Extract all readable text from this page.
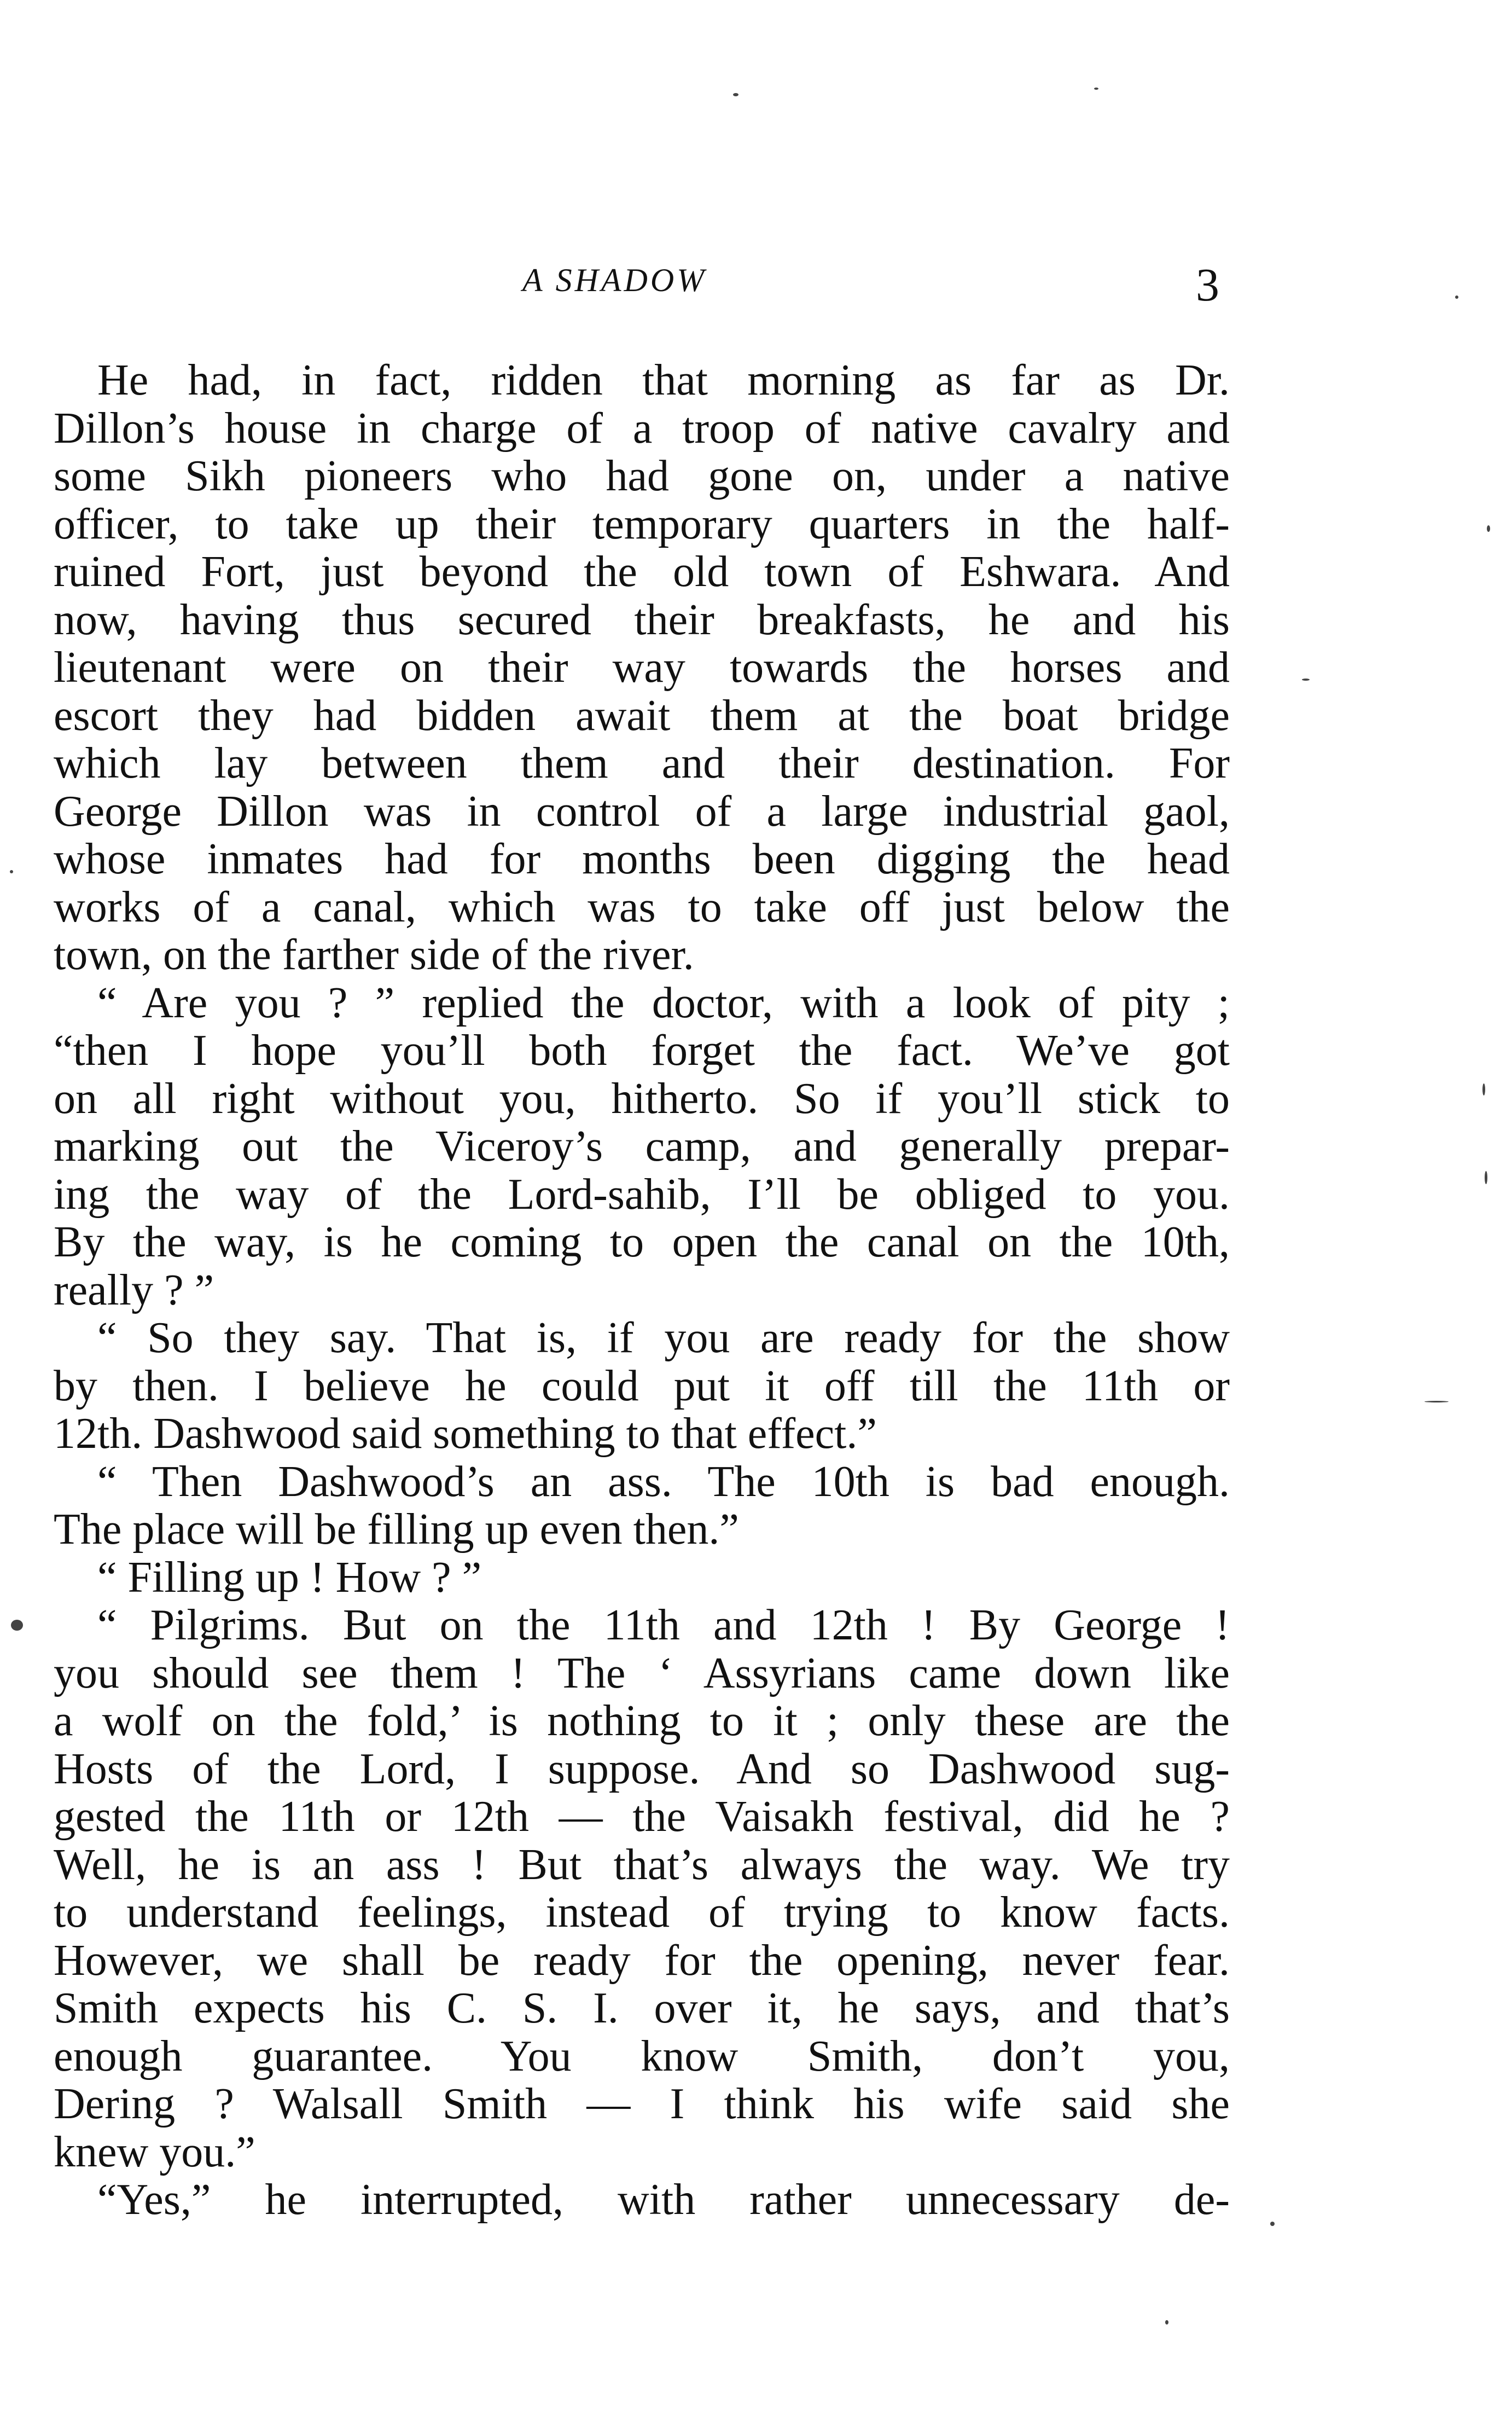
A SHADOW	3
He had, in fact, ridden that morning as far as Dr.
Dillon’s house in charge of a troop of native cavalry and
some Sikh pioneers who had gone on, under a native
officer, to take up their temporary quarters in the half-
ruined Fort, just beyond the old town of Eshwara. And
now, having thus secured their breakfasts, he and his
lieutenant were on their way towards the horses and
escort they had bidden await them at the boat bridge
which lay between them and their destination. For
George Dillon was in control of a large industrial gaol,
whose inmates had for months been digging the head
works of a canal, which was to take off just below the
town, on the farther side of the river.
“ Are you ? ” replied the doctor, with a look of pity ;
“then I hope you’ll both forget the fact. We’ve got
on all right without you, hitherto. So if you’ll stick to
marking out the Viceroy’s camp, and generally prepar-
ing the way of the Lord-sahib, I’ll be obliged to you.
By the way, is he coming to open the canal on the 10th,
really ? ”
“ So they say. That is, if you are ready for the show
by then. I believe he could put it off till the 11th or
12th. Dashwood said something to that effect.”
“ Then Dashwood’s an ass. The 10th is bad enough.
The place will be filling up even then.”
“ Filling up ! How ? ”
“ Pilgrims. But on the 11th and 12th ! By George !
you should see them ! The ‘ Assyrians came down like
a wolf on the fold,’ is nothing to it ; only these are the
Hosts of the Lord, I suppose. And so Dashwood sug-
gested the 11th or 12th — the Vaisakh festival, did he ?
Well, he is an ass ! But that’s always the way. We try
to understand feelings, instead of trying to know facts.
However, we shall be ready for the opening, never fear.
Smith expects his C. S. I. over it, he says, and that’s
enough guarantee. You know Smith, don’t you,
Dering ? Walsall Smith — I think his wife said she
knew you.”
“Yes,” he interrupted, with rather unnecessary de-
